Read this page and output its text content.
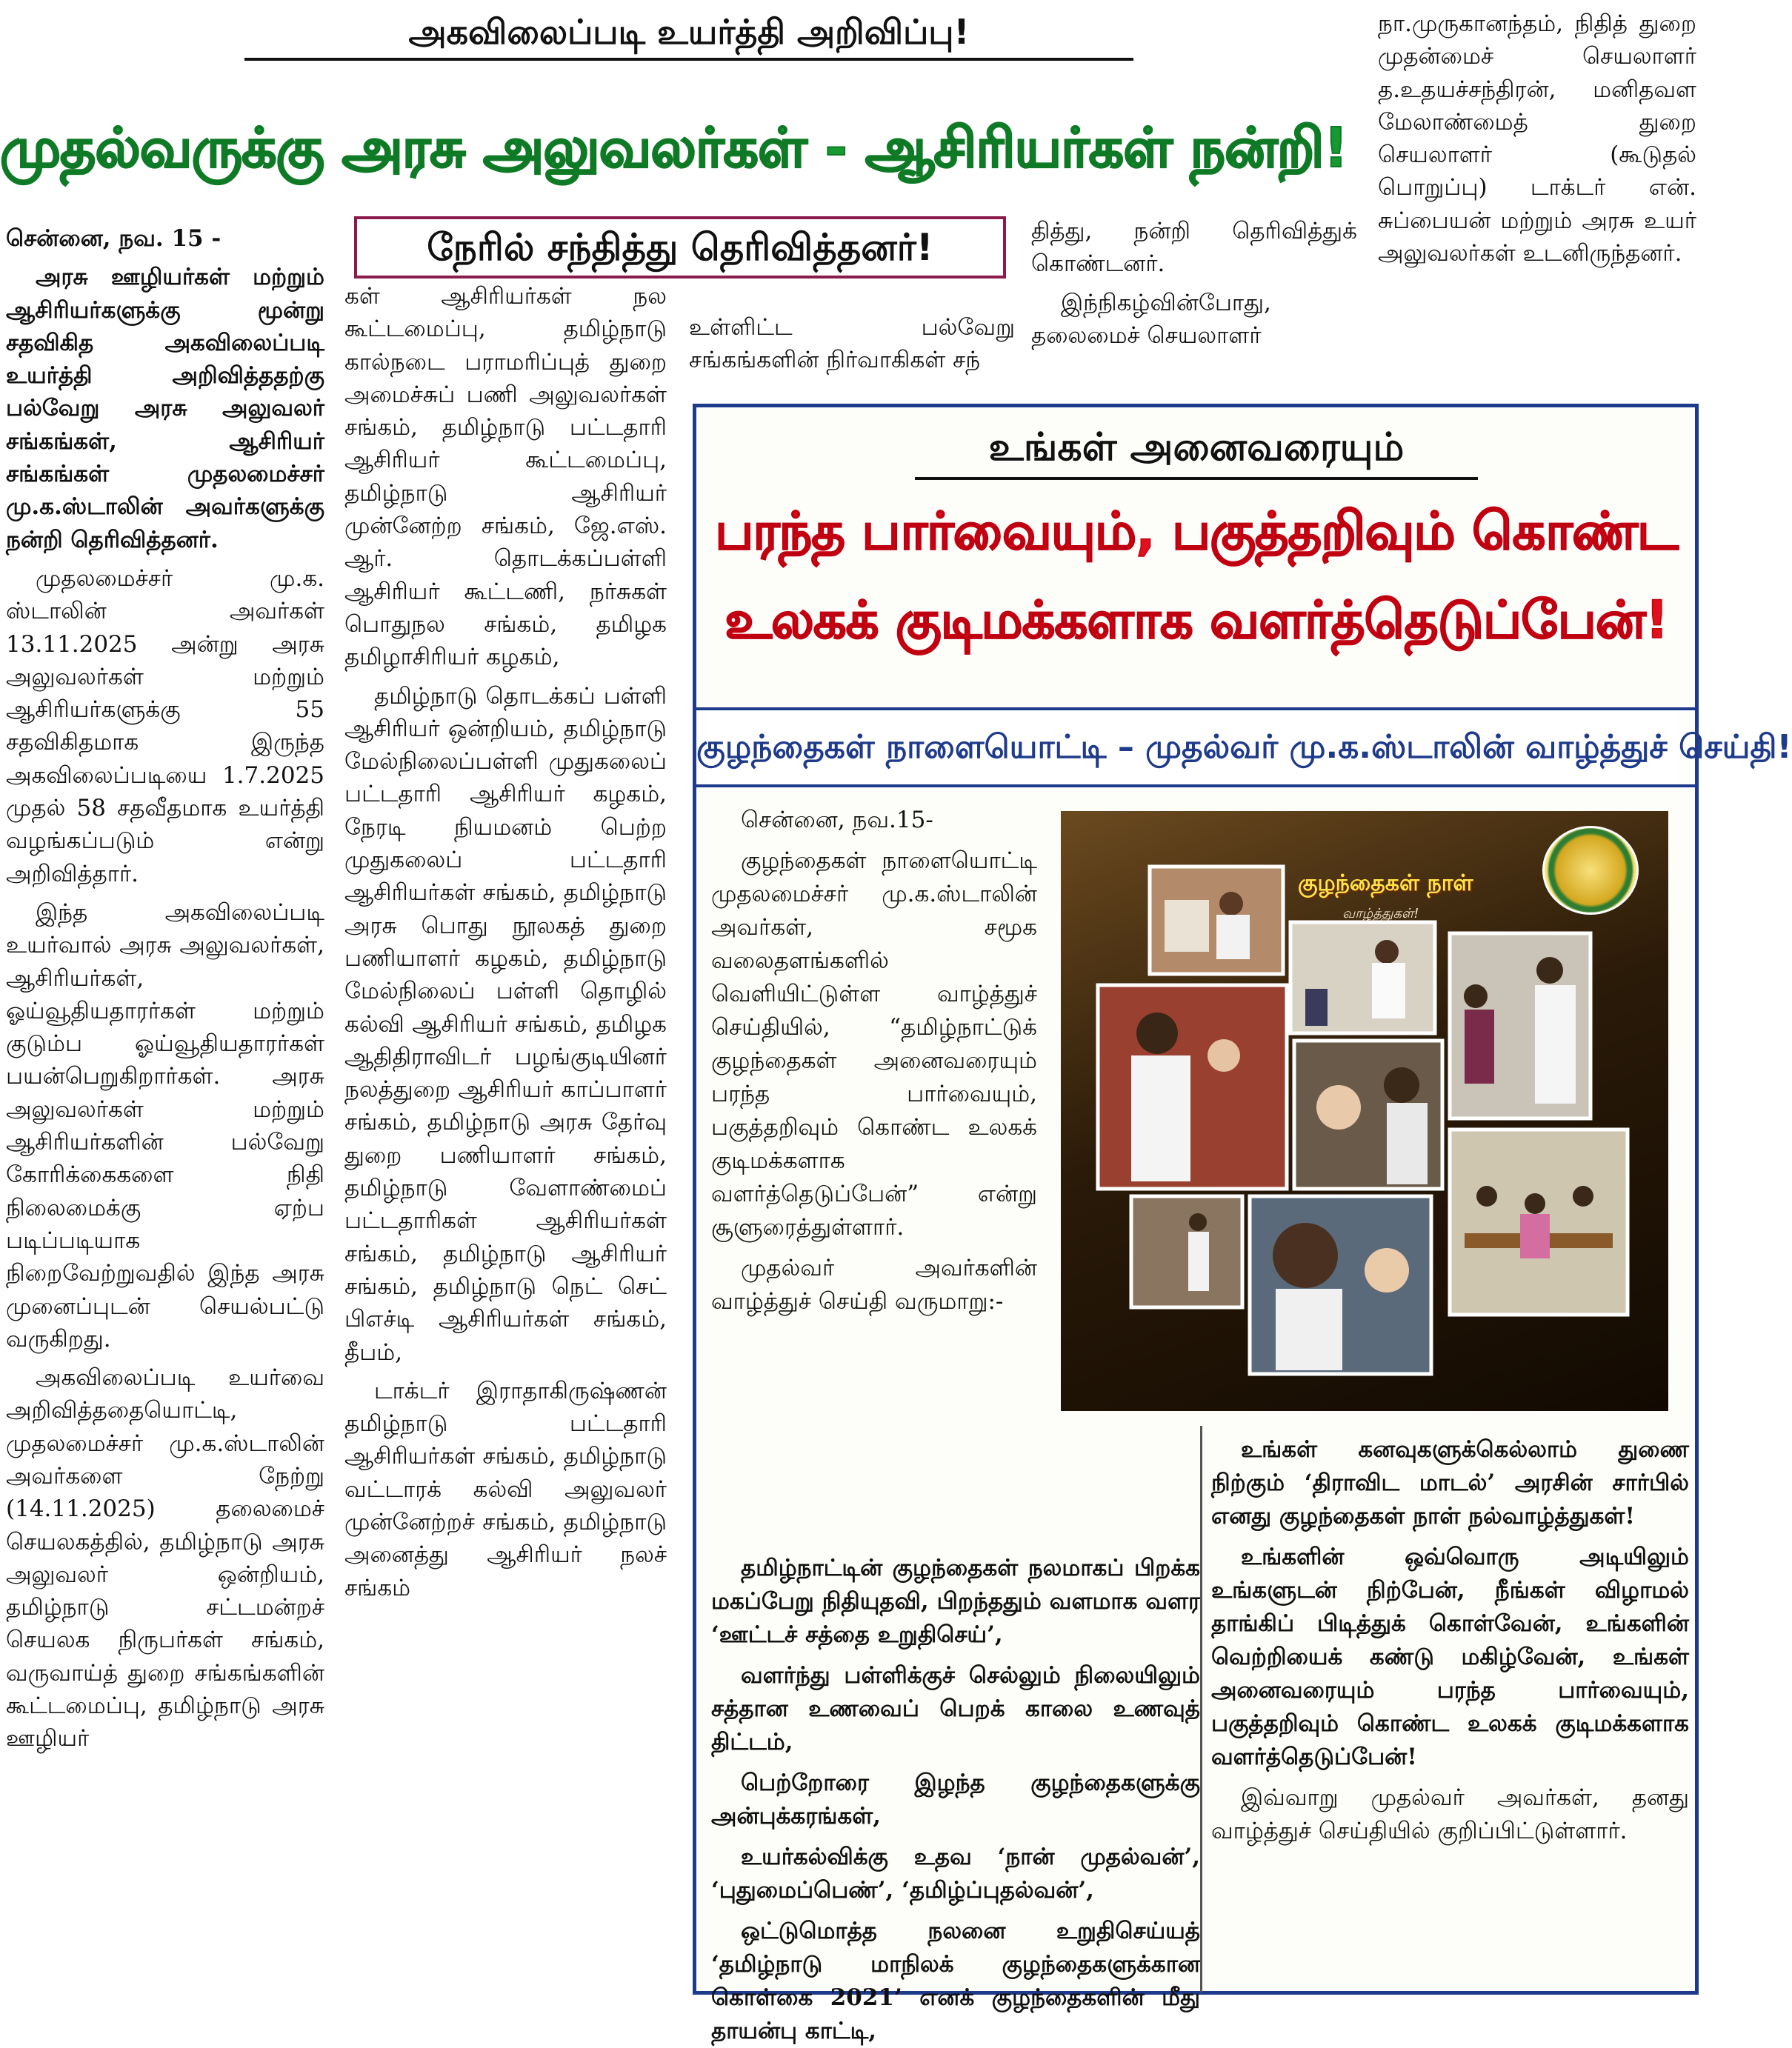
அகவிலைப்படி உயர்த்தி அறிவிப்பு!
முதல்வருக்கு அரசு அலுவலர்கள் - ஆசிரியர்கள் நன்றி!
நேரில் சந்தித்து தெரிவித்தனர்!

சென்னை, நவ. 15 -

அரசு ஊழியர்கள் மற்றும் ஆசிரியர்களுக்கு மூன்று சதவிகித அகவிலைப்படி உயர்த்தி அறிவித்ததற்கு பல்வேறு அரசு அலுவலர் சங்கங்கள், ஆசிரியர் சங்கங்கள் முதலமைச்சர் மு.க.ஸ்டாலின் அவர்களுக்கு நன்றி தெரிவித்தனர்.

முதலமைச்சர் மு.க. ஸ்டாலின் அவர்கள் 13.11.2025 அன்று அரசு அலுவலர்கள் மற்றும் ஆசிரியர்களுக்கு 55 சதவிகிதமாக இருந்த அகவிலைப்படியை 1.7.2025 முதல் 58 சதவீதமாக உயர்த்தி வழங்கப்படும் என்று அறிவித்தார்.

இந்த அகவிலைப்படி உயர்வால் அரசு அலுவலர்கள், ஆசிரியர்கள், ஓய்வூதியதாரர்கள் மற்றும் குடும்ப ஓய்வூதியதாரர்கள் பயன்பெறுகிறார்கள். அரசு அலுவலர்கள் மற்றும் ஆசிரியர்களின் பல்வேறு கோரிக்கைகளை நிதி நிலைமைக்கு ஏற்ப படிப்படியாக நிறைவேற்றுவதில் இந்த அரசு முனைப்புடன் செயல்பட்டு வருகிறது.

அகவிலைப்படி உயர்வை அறிவித்ததையொட்டி, முதலமைச்சர் மு.க.ஸ்டாலின் அவர்களை நேற்று (14.11.2025) தலைமைச் செயலகத்தில், தமிழ்நாடு அரசு அலுவலர் ஒன்றியம், தமிழ்நாடு சட்டமன்றச் செயலக நிருபர்கள் சங்கம், வருவாய்த் துறை சங்கங்களின் கூட்டமைப்பு, தமிழ்நாடு அரசு ஊழியர்

கள் ஆசிரியர்கள் நல கூட்டமைப்பு, தமிழ்நாடு கால்நடை பராமரிப்புத் துறை அமைச்சுப் பணி அலுவலர்கள் சங்கம், தமிழ்நாடு பட்டதாரி ஆசிரியர் கூட்டமைப்பு, தமிழ்நாடு ஆசிரியர் முன்னேற்ற சங்கம், ஜே.எஸ். ஆர். தொடக்கப்பள்ளி ஆசிரியர் கூட்டணி, நர்சுகள் பொதுநல சங்கம், தமிழக தமிழாசிரியர் கழகம்,

தமிழ்நாடு தொடக்கப் பள்ளி ஆசிரியர் ஒன்றியம், தமிழ்நாடு மேல்நிலைப்பள்ளி முதுகலைப் பட்டதாரி ஆசிரியர் கழகம், நேரடி நியமனம் பெற்ற முதுகலைப் பட்டதாரி ஆசிரியர்கள் சங்கம், தமிழ்நாடு அரசு பொது நூலகத் துறை பணியாளர் கழகம், தமிழ்நாடு மேல்நிலைப் பள்ளி தொழில் கல்வி ஆசிரியர் சங்கம், தமிழக ஆதிதிராவிடர் பழங்குடியினர் நலத்துறை ஆசிரியர் காப்பாளர் சங்கம், தமிழ்நாடு அரசு தேர்வு துறை பணியாளர் சங்கம், தமிழ்நாடு வேளாண்மைப் பட்டதாரிகள் ஆசிரியர்கள் சங்கம், தமிழ்நாடு ஆசிரியர் சங்கம், தமிழ்நாடு நெட் செட் பிஎச்டி ஆசிரியர்கள் சங்கம், தீபம்,

டாக்டர் இராதாகிருஷ்ணன் தமிழ்நாடு பட்டதாரி ஆசிரியர்கள் சங்கம், தமிழ்நாடு வட்டாரக் கல்வி அலுவலர் முன்னேற்றச் சங்கம், தமிழ்நாடு அனைத்து ஆசிரியர் நலச் சங்கம்

உள்ளிட்ட பல்வேறு சங்கங்களின் நிர்வாகிகள் சந்

தித்து, நன்றி தெரிவித்துக் கொண்டனர்.

இந்நிகழ்வின்போது, தலைமைச் செயலாளர்

நா.முருகானந்தம், நிதித் துறை முதன்மைச் செயலாளர் த.உதயச்சந்திரன், மனிதவள மேலாண்மைத் துறை செயலாளர் (கூடுதல் பொறுப்பு) டாக்டர் என். சுப்பையன் மற்றும் அரசு உயர் அலுவலர்கள் உடனிருந்தனர்.

உங்கள் அனைவரையும்
பரந்த பார்வையும், பகுத்தறிவும் கொண்ட
உலகக் குடிமக்களாக வளர்த்தெடுப்பேன்!
குழந்தைகள் நாளையொட்டி – முதல்வர் மு.க.ஸ்டாலின் வாழ்த்துச் செய்தி!

சென்னை, நவ.15-

குழந்தைகள் நாளையொட்டி முதலமைச்சர் மு.க.ஸ்டாலின் அவர்கள், சமூக வலைதளங்களில் வெளியிட்டுள்ள வாழ்த்துச் செய்தியில், “தமிழ்நாட்டுக் குழந்தைகள் அனைவரையும் பரந்த பார்வையும், பகுத்தறிவும் கொண்ட உலகக் குடிமக்களாக வளர்த்தெடுப்பேன்” என்று சூளுரைத்துள்ளார்.

முதல்வர் அவர்களின் வாழ்த்துச் செய்தி வருமாறு:-

குழந்தைகள் நாள்
வாழ்த்துகள்!

தமிழ்நாட்டின் குழந்தைகள் நலமாகப் பிறக்க மகப்பேறு நிதியுதவி, பிறந்ததும் வளமாக வளர ‘ஊட்டச் சத்தை உறுதிசெய்’,

வளர்ந்து பள்ளிக்குச் செல்லும் நிலையிலும் சத்தான உணவைப் பெறக் காலை உணவுத் திட்டம்,

பெற்றோரை இழந்த குழந்தைகளுக்கு அன்புக்கரங்கள்,

உயர்கல்விக்கு உதவ ‘நான் முதல்வன்’, ‘புதுமைப்பெண்’, ‘தமிழ்ப்புதல்வன்’,

ஒட்டுமொத்த நலனை உறுதிசெய்யத் ‘தமிழ்நாடு மாநிலக் குழந்தைகளுக்கான கொள்கை 2021’ எனக் குழந்தைகளின் மீது தாயன்பு காட்டி,

உங்கள் கனவுகளுக்கெல்லாம் துணை நிற்கும் ‘திராவிட மாடல்’ அரசின் சார்பில் எனது குழந்தைகள் நாள் நல்வாழ்த்துகள்!

உங்களின் ஒவ்வொரு அடியிலும் உங்களுடன் நிற்பேன், நீங்கள் விழாமல் தாங்கிப் பிடித்துக் கொள்வேன், உங்களின் வெற்றியைக் கண்டு மகிழ்வேன், உங்கள் அனைவரையும் பரந்த பார்வையும், பகுத்தறிவும் கொண்ட உலகக் குடிமக்களாக வளர்த்தெடுப்பேன்!

இவ்வாறு முதல்வர் அவர்கள், தனது வாழ்த்துச் செய்தியில் குறிப்பிட்டுள்ளார்.
